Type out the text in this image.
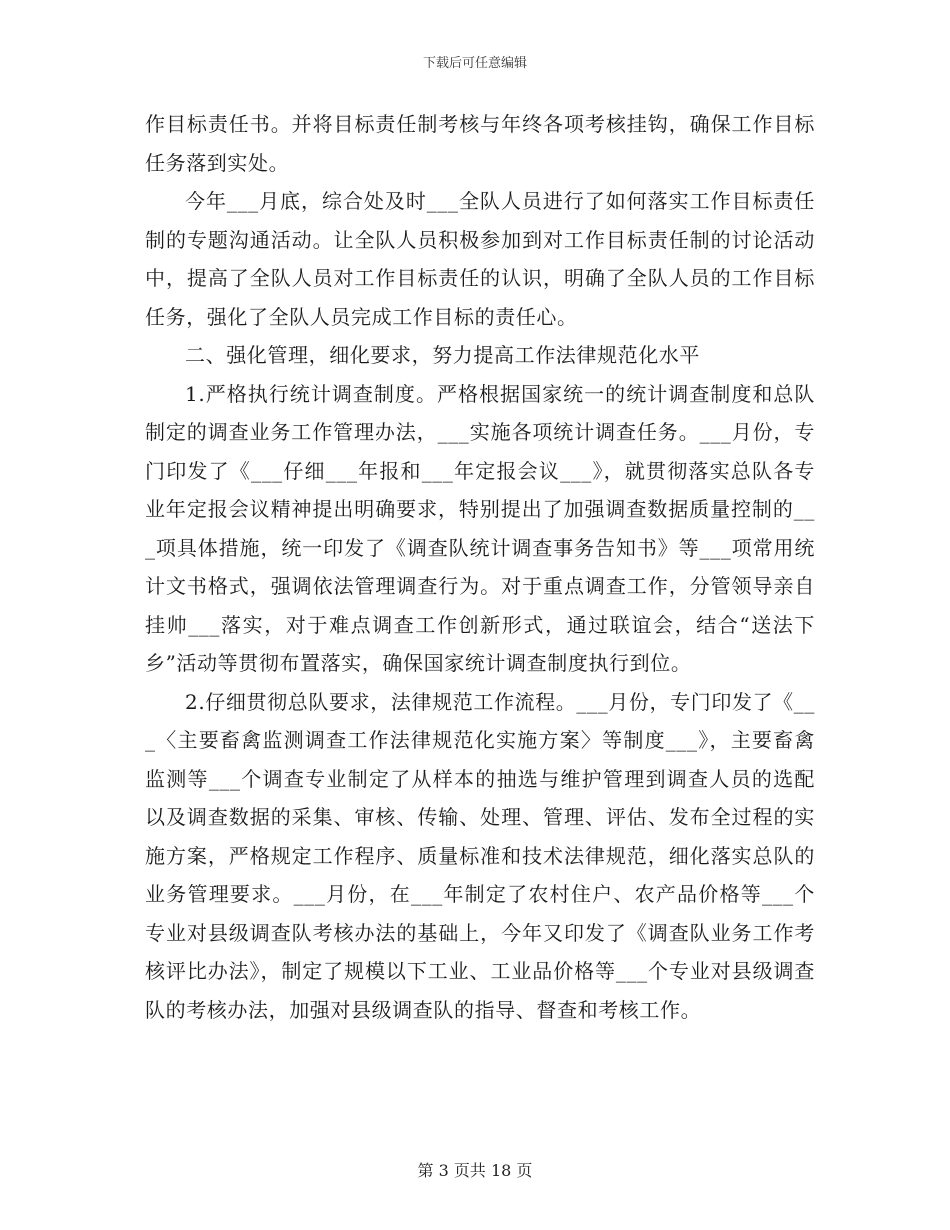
下载后可任意编辑

作目标责任书。并将目标责任制考核与年终各项考核挂钩，确保工作目标任务落到实处。

今年___月底，综合处及时___全队人员进行了如何落实工作目标责任制的专题沟通活动。让全队人员积极参加到对工作目标责任制的讨论活动中，提高了全队人员对工作目标责任的认识，明确了全队人员的工作目标任务，强化了全队人员完成工作目标的责任心。

二、强化管理，细化要求，努力提高工作法律规范化水平

1.严格执行统计调查制度。严格根据国家统一的统计调查制度和总队制定的调查业务工作管理办法，___实施各项统计调查任务。___月份，专门印发了《___仔细___年报和___年定报会议___》，就贯彻落实总队各专业年定报会议精神提出明确要求，特别提出了加强调查数据质量控制的___项具体措施，统一印发了《调查队统计调查事务告知书》等___项常用统计文书格式，强调依法管理调查行为。对于重点调查工作，分管领导亲自挂帅___落实，对于难点调查工作创新形式，通过联谊会，结合“送法下乡”活动等贯彻布置落实，确保国家统计调查制度执行到位。

2.仔细贯彻总队要求，法律规范工作流程。___月份，专门印发了《___〈主要畜禽监测调查工作法律规范化实施方案〉等制度___》，主要畜禽监测等___个调查专业制定了从样本的抽选与维护管理到调查人员的选配以及调查数据的采集、审核、传输、处理、管理、评估、发布全过程的实施方案，严格规定工作程序、质量标准和技术法律规范，细化落实总队的业务管理要求。___月份，在___年制定了农村住户、农产品价格等___个专业对县级调查队考核办法的基础上，今年又印发了《调查队业务工作考核评比办法》，制定了规模以下工业、工业品价格等___个专业对县级调查队的考核办法，加强对县级调查队的指导、督查和考核工作。

第 3 页共 18 页
